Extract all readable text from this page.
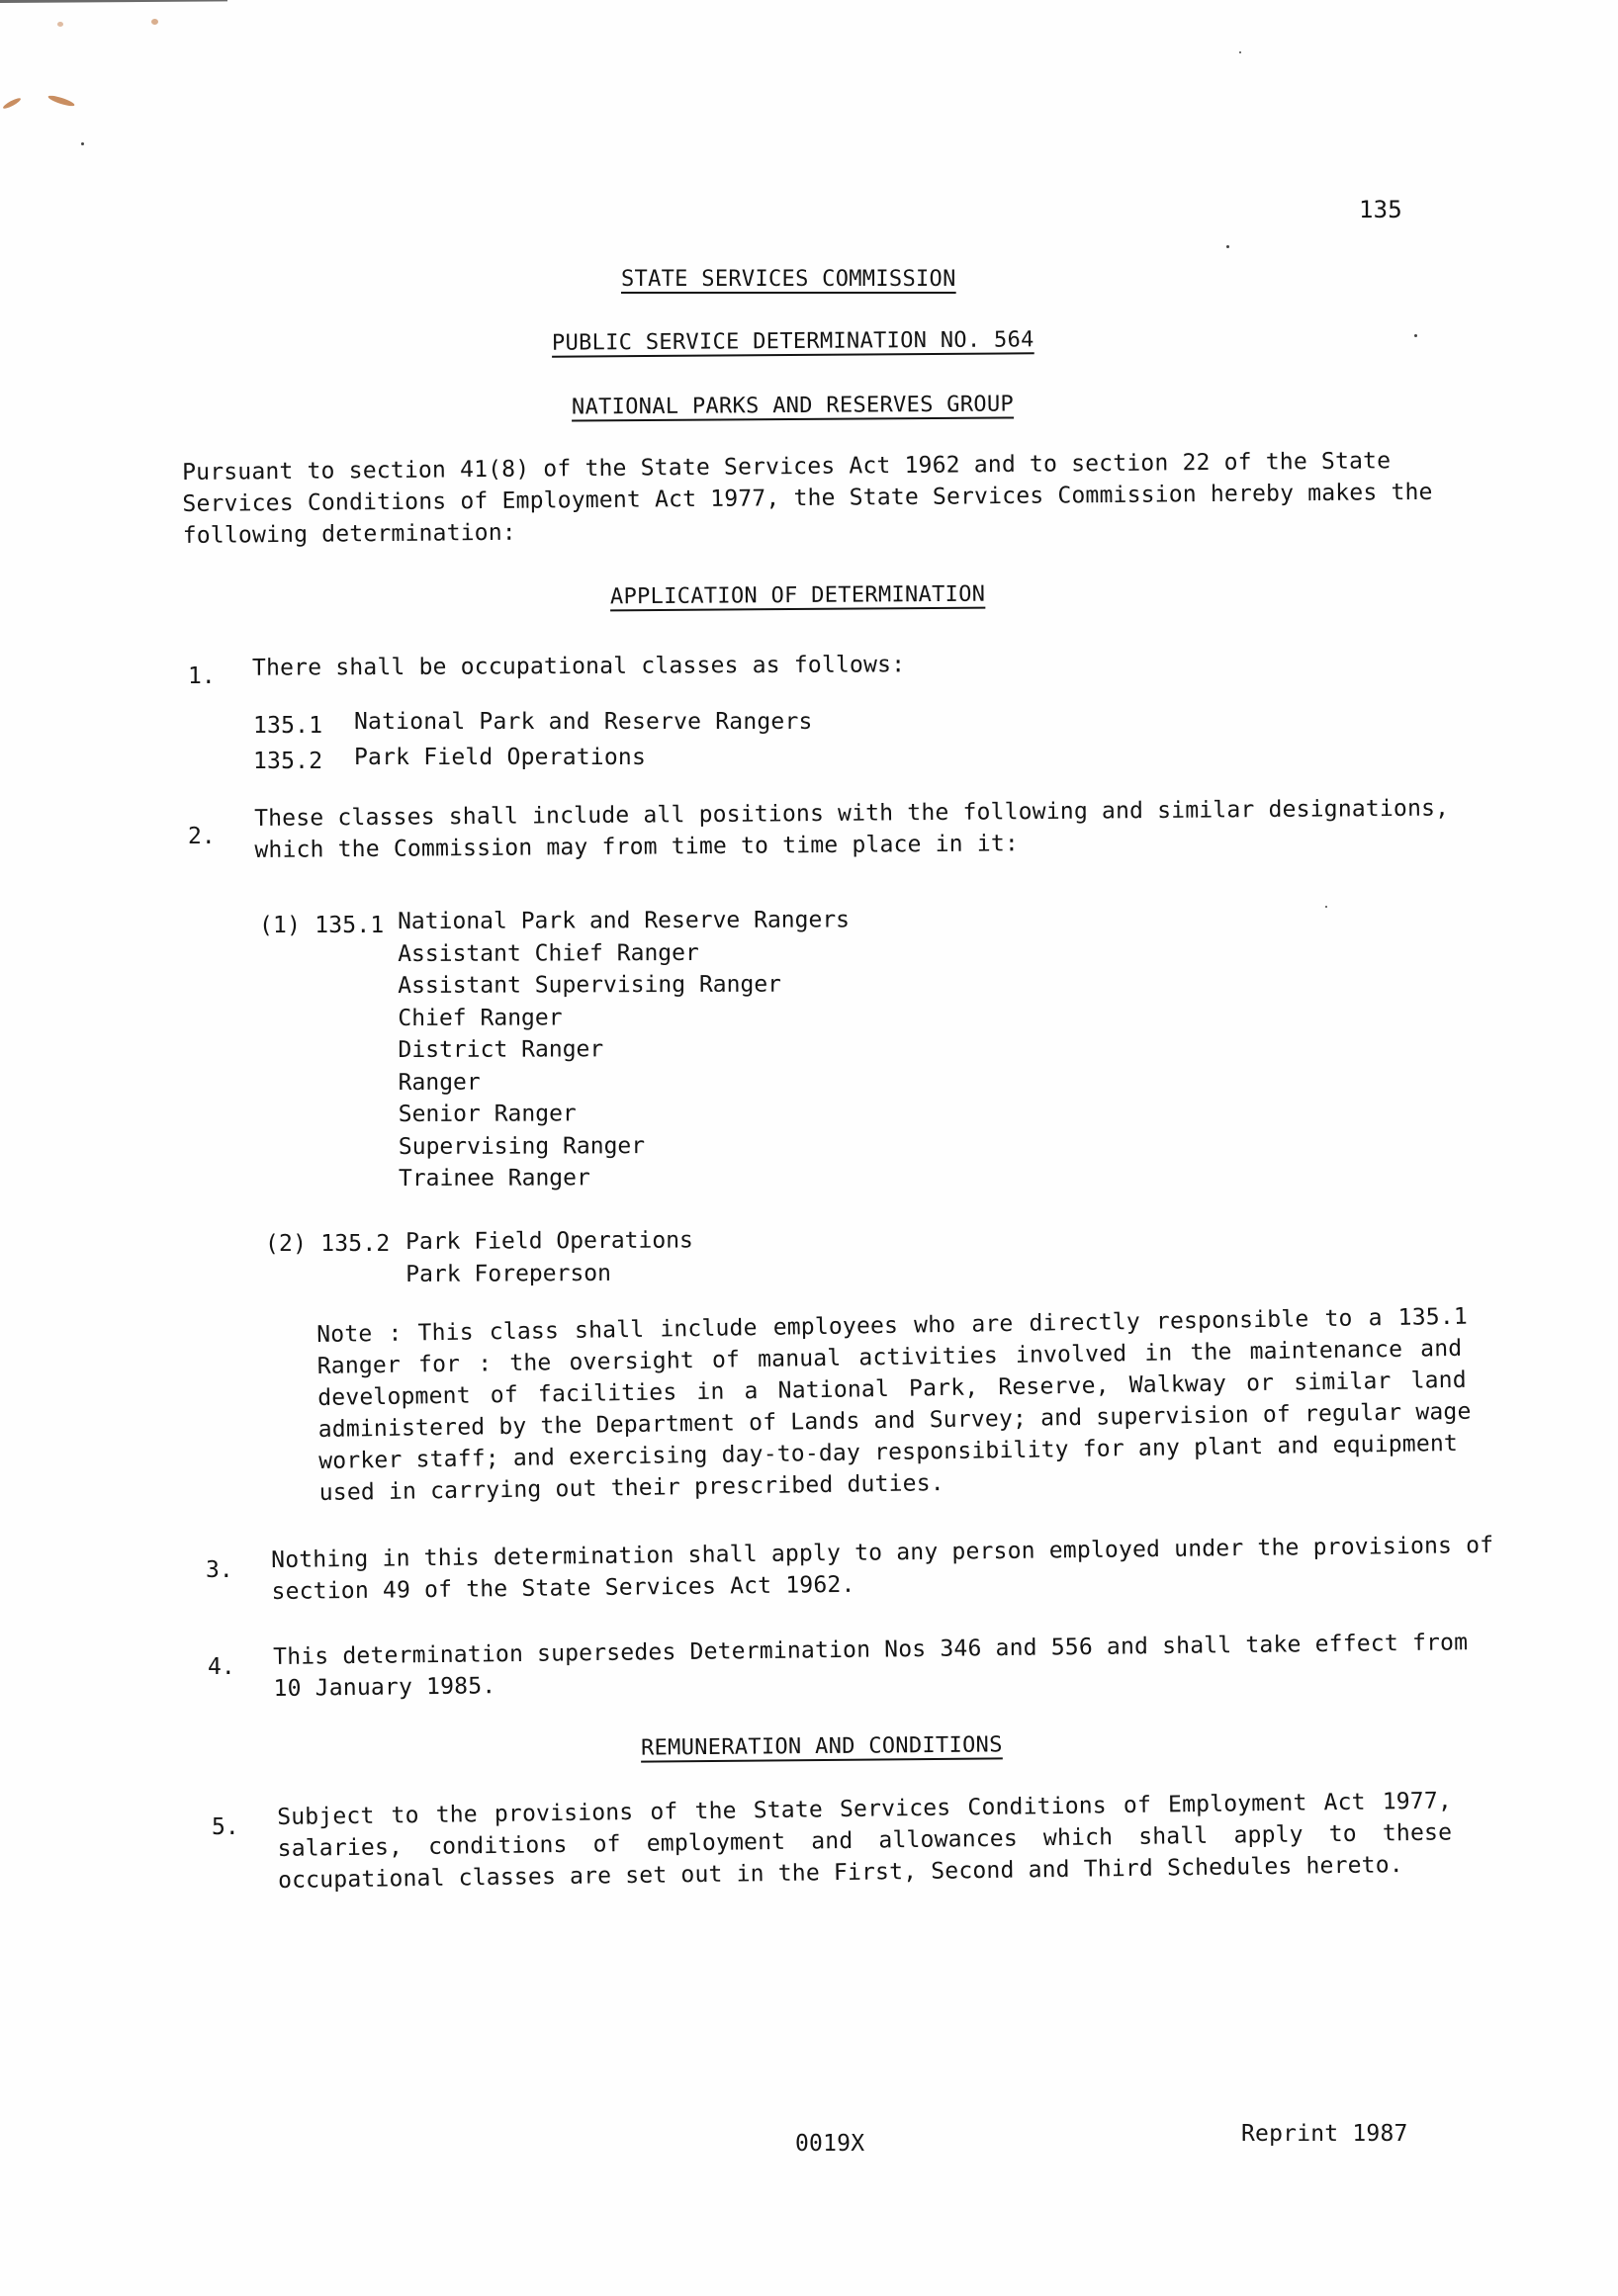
135
STATE SERVICES COMMISSION
PUBLIC SERVICE DETERMINATION NO. 564
NATIONAL PARKS AND RESERVES GROUP
Pursuant to section 41(8) of the State Services Act 1962 and to section 22 of the State
Services Conditions of Employment Act 1977, the State Services Commission hereby makes the
following determination:
APPLICATION OF DETERMINATION
1. There shall be occupational classes as follows:
135.1 National Park and Reserve Rangers
135.2 Park Field Operations
2.
These classes shall include all positions with the following and similar designations,
which the Commission may from time to time place in it:
(1) 135.1 National Park and Reserve Rangers
Assistant Chief Ranger
Assistant Supervising Ranger
Chief Ranger
District Ranger
Ranger
Senior Ranger
Supervising Ranger
Trainee Ranger
(2) 135.2 Park Field Operations
Park Foreperson
Note : This class shall include employees who are directly responsible to a 135.1
Ranger for : the oversight of manual activities involved in the maintenance and
development of facilities in a National Park, Reserve, Walkway or similar land
administered by the Department of Lands and Survey; and supervision of regular wage
worker staff; and exercising day-to-day responsibility for any plant and equipment
used in carrying out their prescribed duties.
3. Nothing in this determination shall apply to any person employed under the provisions of
section 49 of the State Services Act 1962.
4. This determination supersedes Determination Nos 346 and 556 and shall take effect from
10 January 1985.
REMUNERATION AND CONDITIONS
5. Subject to the provisions of the State Services Conditions of Employment Act 1977,
salaries, conditions of employment and allowances which shall apply to these
occupational classes are set out in the First, Second and Third Schedules hereto.
0019X	Reprint 1987
